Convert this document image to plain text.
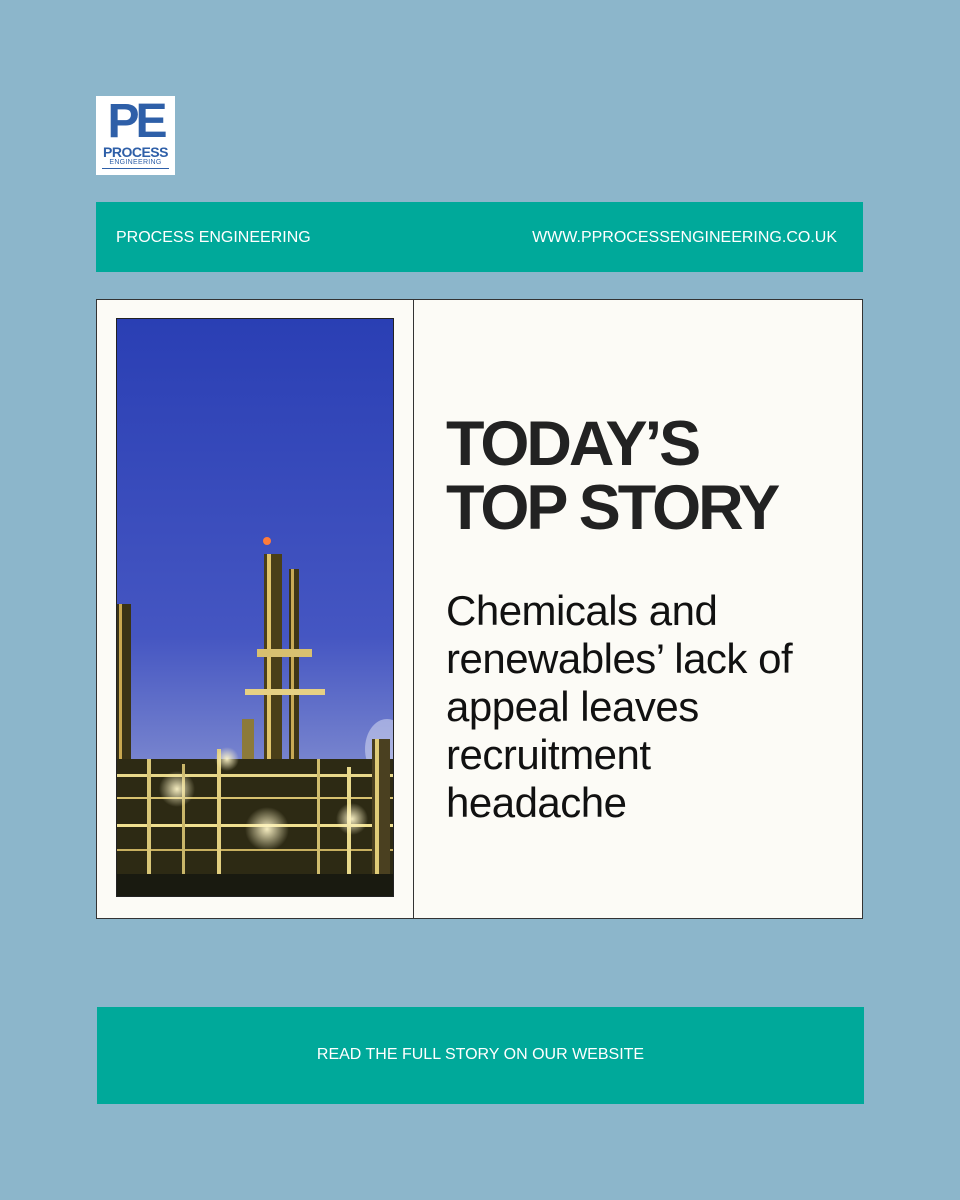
PE
PROCESS
ENGINEERING
PROCESS ENGINEERING	WWW.PPROCESSENGINEERING.CO.UK
TODAY’S
TOP STORY

Chemicals and
renewables’ lack of
appeal leaves
recruitment
headache

READ THE FULL STORY ON OUR WEBSITE
